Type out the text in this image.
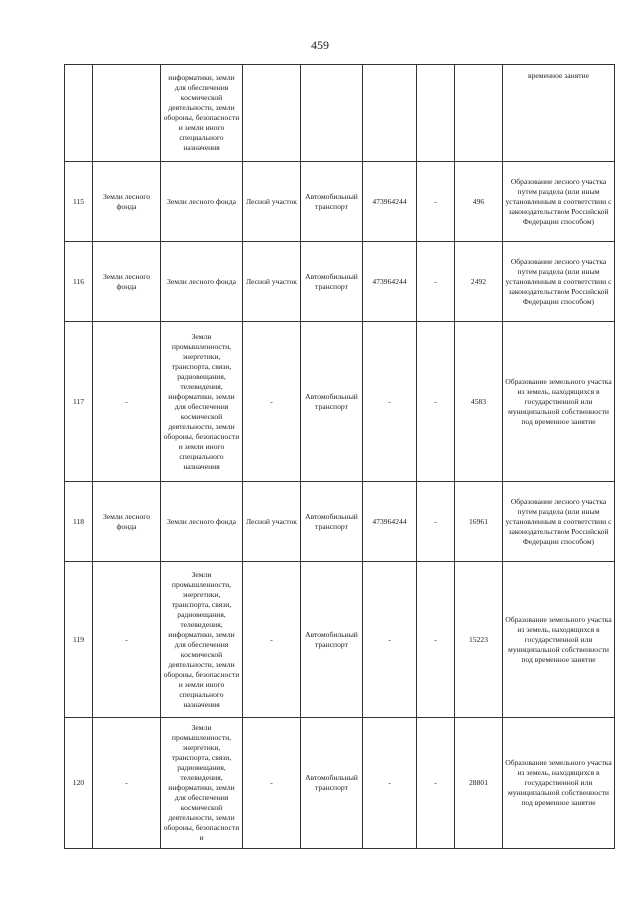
459
		информатики, земли для обеспечения космической деятельности, земли обороны, безопасности и земли иного специального назначения						временное занятие
115	Земли лесного фонда	Земли лесного фонда	Лесной участок	Автомобильный транспорт	473964244	-	496	Образование лесного участка путем раздела (или иным установленным в соответствии с законодательством Российской Федерации способом)
116	Земли лесного фонда	Земли лесного фонда	Лесной участок	Автомобильный транспорт	473964244	-	2492	Образование лесного участка путем раздела (или иным установленным в соответствии с законодательством Российской Федерации способом)
117	-	Земли промышленности, энергетики, транспорта, связи, радиовещания, телевидения, информатики, земли для обеспечения космической деятельности, земли обороны, безопасности и земли иного специального назначения	-	Автомобильный транспорт	-	-	4583	Образование земельного участка из земель, находящихся в государственной или муниципальной собственности под временное занятие
118	Земли лесного фонда	Земли лесного фонда	Лесной участок	Автомобильный транспорт	473964244	-	16961	Образование лесного участка путем раздела (или иным установленным в соответствии с законодательством Российской Федерации способом)
119	-	Земли промышленности, энергетики, транспорта, связи, радиовещания, телевидения, информатики, земли для обеспечения космической деятельности, земли обороны, безопасности и земли иного специального назначения	-	Автомобильный транспорт	-	-	15223	Образование земельного участка из земель, находящихся в государственной или муниципальной собственности под временное занятие
120	-	Земли промышленности, энергетики, транспорта, связи, радиовещания, телевидения, информатики, земли для обеспечения космической деятельности, земли обороны, безопасности и	-	Автомобильный транспорт	-	-	28801	Образование земельного участка из земель, находящихся в государственной или муниципальной собственности под временное занятие
